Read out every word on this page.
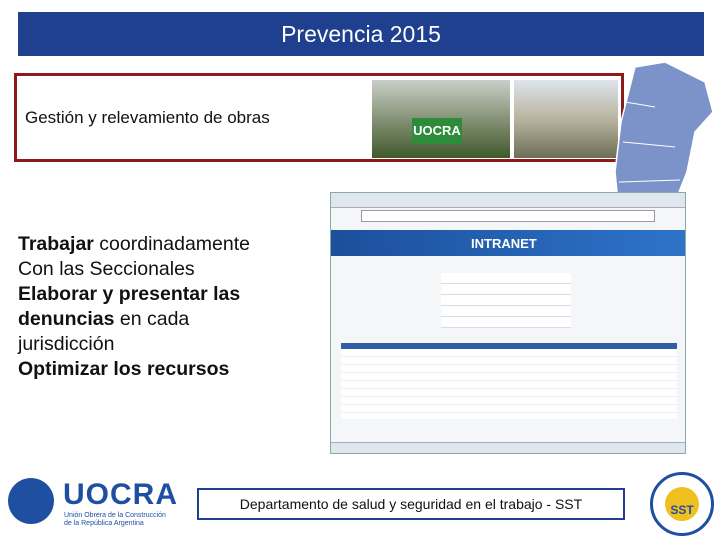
Prevencia 2015
Gestión y relevamiento de obras
UOCRA
Trabajar coordinadamente
Con las Seccionales
Elaborar y presentar las
denuncias en cada
jurisdicción
Optimizar los recursos
INTRANET
UOCRA
Unión Obrera de la Construcción de la República Argentina
Departamento de salud y seguridad en el trabajo - SST	SST
